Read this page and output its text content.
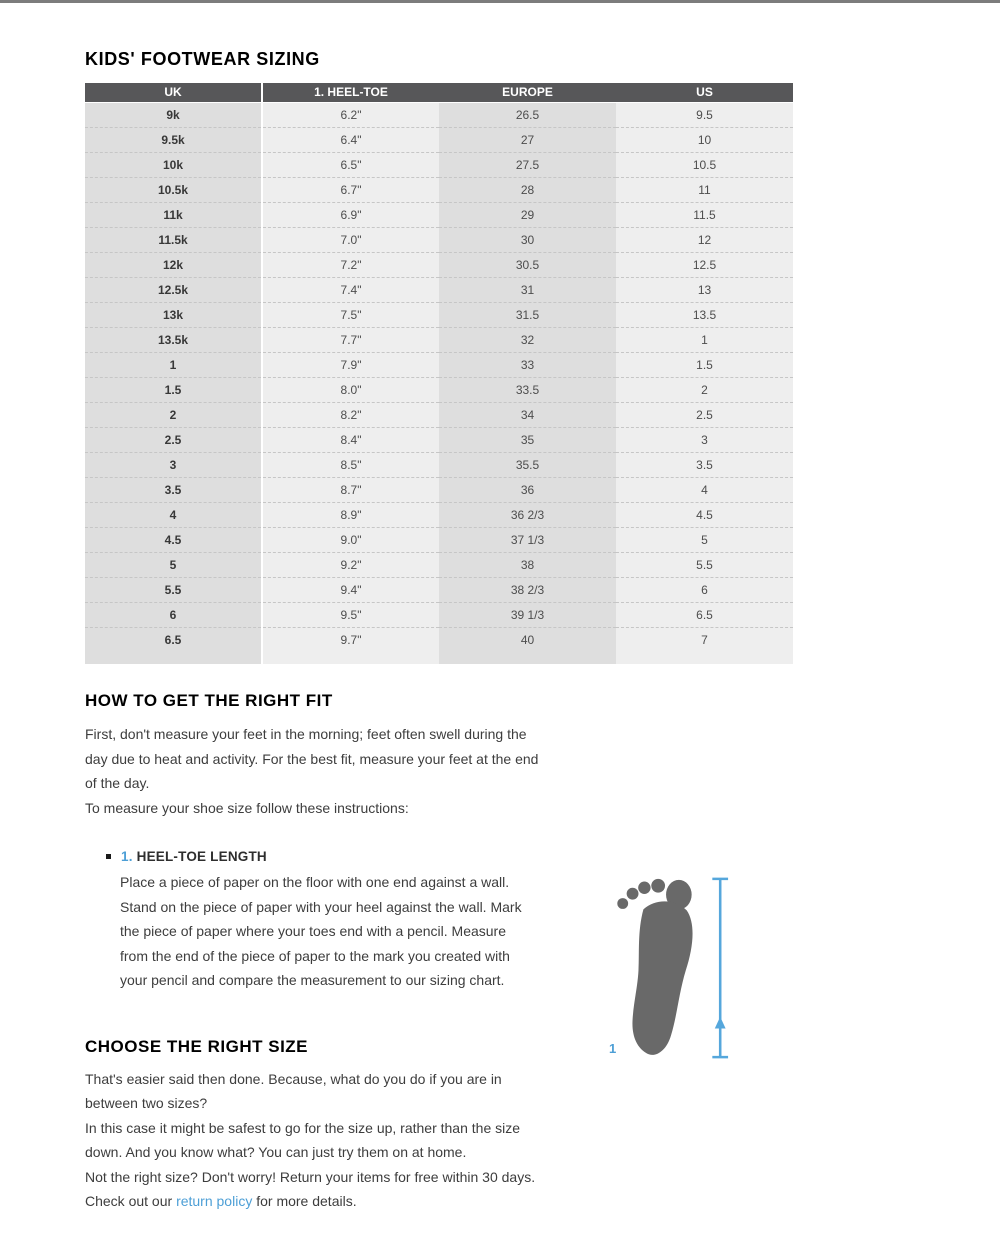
KIDS' FOOTWEAR SIZING
UK	1. HEEL-TOE	EUROPE	US
9k	6.2"	26.5	9.5
9.5k	6.4"	27	10
10k	6.5"	27.5	10.5
10.5k	6.7"	28	11
11k	6.9"	29	11.5
11.5k	7.0"	30	12
12k	7.2"	30.5	12.5
12.5k	7.4"	31	13
13k	7.5"	31.5	13.5
13.5k	7.7"	32	1
1	7.9"	33	1.5
1.5	8.0"	33.5	2
2	8.2"	34	2.5
2.5	8.4"	35	3
3	8.5"	35.5	3.5
3.5	8.7"	36	4
4	8.9"	36 2/3	4.5
4.5	9.0"	37 1/3	5
5	9.2"	38	5.5
5.5	9.4"	38 2/3	6
6	9.5"	39 1/3	6.5
6.5	9.7"	40	7

HOW TO GET THE RIGHT FIT

First, don't measure your feet in the morning; feet often swell during the day due to heat and activity. For the best fit, measure your feet at the end of the day.

To measure your shoe size follow these instructions:

1. HEEL-TOE LENGTH

Place a piece of paper on the floor with one end against a wall. Stand on the piece of paper with your heel against the wall. Mark the piece of paper where your toes end with a pencil. Measure from the end of the piece of paper to the mark you created with your pencil and compare the measurement to our sizing chart.

CHOOSE THE RIGHT SIZE

That's easier said then done. Because, what do you do if you are in between two sizes?

In this case it might be safest to go for the size up, rather than the size down. And you know what? You can just try them on at home.

Not the right size? Don't worry! Return your items for free within 30 days. Check out our return policy for more details.

1
